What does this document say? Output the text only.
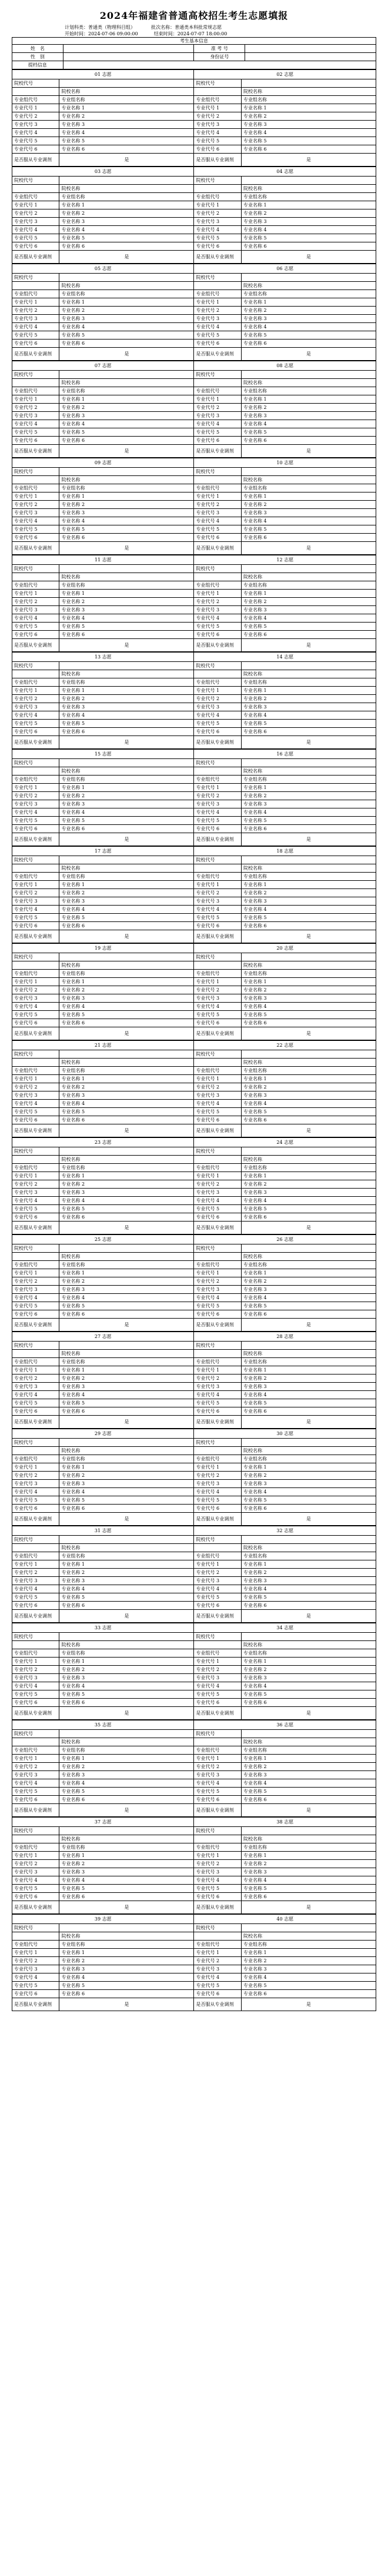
2024年福建省普通高校招生考生志愿填报
计划科类：普通类（物理科目组）	批次名称：普通类本科批常规志愿
开始时间：2024-07-06 09:00:00	结束时间：2024-07-07 18:00:00
考生基本信息			
姓　名		准 考 号	
性　别		身份证号	
提档信息			
01 志愿		02 志愿	
院校代号		院校代号	
	院校名称		院校名称
专业组代号	专业组名称	专业组代号	专业组名称
专业代号 1	专业名称 1	专业代号 1	专业名称 1
专业代号 2	专业名称 2	专业代号 2	专业名称 2
专业代号 3	专业名称 3	专业代号 3	专业名称 3
专业代号 4	专业名称 4	专业代号 4	专业名称 4
专业代号 5	专业名称 5	专业代号 5	专业名称 5
专业代号 6	专业名称 6	专业代号 6	专业名称 6
是否服从专业调剂	是	是否服从专业调剂	是
03 志愿		04 志愿	
院校代号		院校代号	
	院校名称		院校名称
专业组代号	专业组名称	专业组代号	专业组名称
专业代号 1	专业名称 1	专业代号 1	专业名称 1
专业代号 2	专业名称 2	专业代号 2	专业名称 2
专业代号 3	专业名称 3	专业代号 3	专业名称 3
专业代号 4	专业名称 4	专业代号 4	专业名称 4
专业代号 5	专业名称 5	专业代号 5	专业名称 5
专业代号 6	专业名称 6	专业代号 6	专业名称 6
是否服从专业调剂	是	是否服从专业调剂	是
05 志愿		06 志愿	
院校代号		院校代号	
	院校名称		院校名称
专业组代号	专业组名称	专业组代号	专业组名称
专业代号 1	专业名称 1	专业代号 1	专业名称 1
专业代号 2	专业名称 2	专业代号 2	专业名称 2
专业代号 3	专业名称 3	专业代号 3	专业名称 3
专业代号 4	专业名称 4	专业代号 4	专业名称 4
专业代号 5	专业名称 5	专业代号 5	专业名称 5
专业代号 6	专业名称 6	专业代号 6	专业名称 6
是否服从专业调剂	是	是否服从专业调剂	是
07 志愿		08 志愿	
院校代号		院校代号	
	院校名称		院校名称
专业组代号	专业组名称	专业组代号	专业组名称
专业代号 1	专业名称 1	专业代号 1	专业名称 1
专业代号 2	专业名称 2	专业代号 2	专业名称 2
专业代号 3	专业名称 3	专业代号 3	专业名称 3
专业代号 4	专业名称 4	专业代号 4	专业名称 4
专业代号 5	专业名称 5	专业代号 5	专业名称 5
专业代号 6	专业名称 6	专业代号 6	专业名称 6
是否服从专业调剂	是	是否服从专业调剂	是
09 志愿		10 志愿	
院校代号		院校代号	
	院校名称		院校名称
专业组代号	专业组名称	专业组代号	专业组名称
专业代号 1	专业名称 1	专业代号 1	专业名称 1
专业代号 2	专业名称 2	专业代号 2	专业名称 2
专业代号 3	专业名称 3	专业代号 3	专业名称 3
专业代号 4	专业名称 4	专业代号 4	专业名称 4
专业代号 5	专业名称 5	专业代号 5	专业名称 5
专业代号 6	专业名称 6	专业代号 6	专业名称 6
是否服从专业调剂	是	是否服从专业调剂	是
11 志愿		12 志愿	
院校代号		院校代号	
	院校名称		院校名称
专业组代号	专业组名称	专业组代号	专业组名称
专业代号 1	专业名称 1	专业代号 1	专业名称 1
专业代号 2	专业名称 2	专业代号 2	专业名称 2
专业代号 3	专业名称 3	专业代号 3	专业名称 3
专业代号 4	专业名称 4	专业代号 4	专业名称 4
专业代号 5	专业名称 5	专业代号 5	专业名称 5
专业代号 6	专业名称 6	专业代号 6	专业名称 6
是否服从专业调剂	是	是否服从专业调剂	是
13 志愿		14 志愿	
院校代号		院校代号	
	院校名称		院校名称
专业组代号	专业组名称	专业组代号	专业组名称
专业代号 1	专业名称 1	专业代号 1	专业名称 1
专业代号 2	专业名称 2	专业代号 2	专业名称 2
专业代号 3	专业名称 3	专业代号 3	专业名称 3
专业代号 4	专业名称 4	专业代号 4	专业名称 4
专业代号 5	专业名称 5	专业代号 5	专业名称 5
专业代号 6	专业名称 6	专业代号 6	专业名称 6
是否服从专业调剂	是	是否服从专业调剂	是
15 志愿		16 志愿	
院校代号		院校代号	
	院校名称		院校名称
专业组代号	专业组名称	专业组代号	专业组名称
专业代号 1	专业名称 1	专业代号 1	专业名称 1
专业代号 2	专业名称 2	专业代号 2	专业名称 2
专业代号 3	专业名称 3	专业代号 3	专业名称 3
专业代号 4	专业名称 4	专业代号 4	专业名称 4
专业代号 5	专业名称 5	专业代号 5	专业名称 5
专业代号 6	专业名称 6	专业代号 6	专业名称 6
是否服从专业调剂	是	是否服从专业调剂	是
17 志愿		18 志愿	
院校代号		院校代号	
	院校名称		院校名称
专业组代号	专业组名称	专业组代号	专业组名称
专业代号 1	专业名称 1	专业代号 1	专业名称 1
专业代号 2	专业名称 2	专业代号 2	专业名称 2
专业代号 3	专业名称 3	专业代号 3	专业名称 3
专业代号 4	专业名称 4	专业代号 4	专业名称 4
专业代号 5	专业名称 5	专业代号 5	专业名称 5
专业代号 6	专业名称 6	专业代号 6	专业名称 6
是否服从专业调剂	是	是否服从专业调剂	是
19 志愿		20 志愿	
院校代号		院校代号	
	院校名称		院校名称
专业组代号	专业组名称	专业组代号	专业组名称
专业代号 1	专业名称 1	专业代号 1	专业名称 1
专业代号 2	专业名称 2	专业代号 2	专业名称 2
专业代号 3	专业名称 3	专业代号 3	专业名称 3
专业代号 4	专业名称 4	专业代号 4	专业名称 4
专业代号 5	专业名称 5	专业代号 5	专业名称 5
专业代号 6	专业名称 6	专业代号 6	专业名称 6
是否服从专业调剂	是	是否服从专业调剂	是
21 志愿		22 志愿	
院校代号		院校代号	
	院校名称		院校名称
专业组代号	专业组名称	专业组代号	专业组名称
专业代号 1	专业名称 1	专业代号 1	专业名称 1
专业代号 2	专业名称 2	专业代号 2	专业名称 2
专业代号 3	专业名称 3	专业代号 3	专业名称 3
专业代号 4	专业名称 4	专业代号 4	专业名称 4
专业代号 5	专业名称 5	专业代号 5	专业名称 5
专业代号 6	专业名称 6	专业代号 6	专业名称 6
是否服从专业调剂	是	是否服从专业调剂	是
23 志愿		24 志愿	
院校代号		院校代号	
	院校名称		院校名称
专业组代号	专业组名称	专业组代号	专业组名称
专业代号 1	专业名称 1	专业代号 1	专业名称 1
专业代号 2	专业名称 2	专业代号 2	专业名称 2
专业代号 3	专业名称 3	专业代号 3	专业名称 3
专业代号 4	专业名称 4	专业代号 4	专业名称 4
专业代号 5	专业名称 5	专业代号 5	专业名称 5
专业代号 6	专业名称 6	专业代号 6	专业名称 6
是否服从专业调剂	是	是否服从专业调剂	是
25 志愿		26 志愿	
院校代号		院校代号	
	院校名称		院校名称
专业组代号	专业组名称	专业组代号	专业组名称
专业代号 1	专业名称 1	专业代号 1	专业名称 1
专业代号 2	专业名称 2	专业代号 2	专业名称 2
专业代号 3	专业名称 3	专业代号 3	专业名称 3
专业代号 4	专业名称 4	专业代号 4	专业名称 4
专业代号 5	专业名称 5	专业代号 5	专业名称 5
专业代号 6	专业名称 6	专业代号 6	专业名称 6
是否服从专业调剂	是	是否服从专业调剂	是
27 志愿		28 志愿	
院校代号		院校代号	
	院校名称		院校名称
专业组代号	专业组名称	专业组代号	专业组名称
专业代号 1	专业名称 1	专业代号 1	专业名称 1
专业代号 2	专业名称 2	专业代号 2	专业名称 2
专业代号 3	专业名称 3	专业代号 3	专业名称 3
专业代号 4	专业名称 4	专业代号 4	专业名称 4
专业代号 5	专业名称 5	专业代号 5	专业名称 5
专业代号 6	专业名称 6	专业代号 6	专业名称 6
是否服从专业调剂	是	是否服从专业调剂	是
29 志愿		30 志愿	
院校代号		院校代号	
	院校名称		院校名称
专业组代号	专业组名称	专业组代号	专业组名称
专业代号 1	专业名称 1	专业代号 1	专业名称 1
专业代号 2	专业名称 2	专业代号 2	专业名称 2
专业代号 3	专业名称 3	专业代号 3	专业名称 3
专业代号 4	专业名称 4	专业代号 4	专业名称 4
专业代号 5	专业名称 5	专业代号 5	专业名称 5
专业代号 6	专业名称 6	专业代号 6	专业名称 6
是否服从专业调剂	是	是否服从专业调剂	是
31 志愿		32 志愿	
院校代号		院校代号	
	院校名称		院校名称
专业组代号	专业组名称	专业组代号	专业组名称
专业代号 1	专业名称 1	专业代号 1	专业名称 1
专业代号 2	专业名称 2	专业代号 2	专业名称 2
专业代号 3	专业名称 3	专业代号 3	专业名称 3
专业代号 4	专业名称 4	专业代号 4	专业名称 4
专业代号 5	专业名称 5	专业代号 5	专业名称 5
专业代号 6	专业名称 6	专业代号 6	专业名称 6
是否服从专业调剂	是	是否服从专业调剂	是
33 志愿		34 志愿	
院校代号		院校代号	
	院校名称		院校名称
专业组代号	专业组名称	专业组代号	专业组名称
专业代号 1	专业名称 1	专业代号 1	专业名称 1
专业代号 2	专业名称 2	专业代号 2	专业名称 2
专业代号 3	专业名称 3	专业代号 3	专业名称 3
专业代号 4	专业名称 4	专业代号 4	专业名称 4
专业代号 5	专业名称 5	专业代号 5	专业名称 5
专业代号 6	专业名称 6	专业代号 6	专业名称 6
是否服从专业调剂	是	是否服从专业调剂	是
35 志愿		36 志愿	
院校代号		院校代号	
	院校名称		院校名称
专业组代号	专业组名称	专业组代号	专业组名称
专业代号 1	专业名称 1	专业代号 1	专业名称 1
专业代号 2	专业名称 2	专业代号 2	专业名称 2
专业代号 3	专业名称 3	专业代号 3	专业名称 3
专业代号 4	专业名称 4	专业代号 4	专业名称 4
专业代号 5	专业名称 5	专业代号 5	专业名称 5
专业代号 6	专业名称 6	专业代号 6	专业名称 6
是否服从专业调剂	是	是否服从专业调剂	是
37 志愿		38 志愿	
院校代号		院校代号	
	院校名称		院校名称
专业组代号	专业组名称	专业组代号	专业组名称
专业代号 1	专业名称 1	专业代号 1	专业名称 1
专业代号 2	专业名称 2	专业代号 2	专业名称 2
专业代号 3	专业名称 3	专业代号 3	专业名称 3
专业代号 4	专业名称 4	专业代号 4	专业名称 4
专业代号 5	专业名称 5	专业代号 5	专业名称 5
专业代号 6	专业名称 6	专业代号 6	专业名称 6
是否服从专业调剂	是	是否服从专业调剂	是
39 志愿		40 志愿	
院校代号		院校代号	
	院校名称		院校名称
专业组代号	专业组名称	专业组代号	专业组名称
专业代号 1	专业名称 1	专业代号 1	专业名称 1
专业代号 2	专业名称 2	专业代号 2	专业名称 2
专业代号 3	专业名称 3	专业代号 3	专业名称 3
专业代号 4	专业名称 4	专业代号 4	专业名称 4
专业代号 5	专业名称 5	专业代号 5	专业名称 5
专业代号 6	专业名称 6	专业代号 6	专业名称 6
是否服从专业调剂	是	是否服从专业调剂	是
